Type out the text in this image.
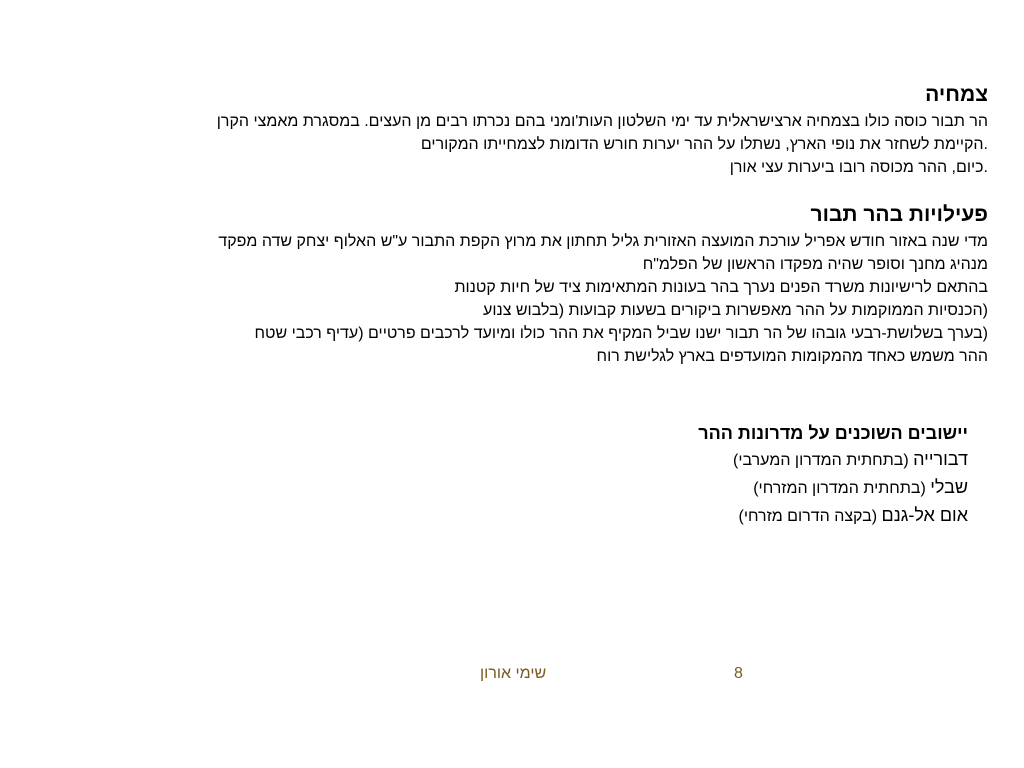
צמחיה

הר תבור כוסה כולו בצמחיה ארצישראלית עד ימי השלטון העות'ומני בהם נכרתו רבים מן העצים. במסגרת מאמצי הקרן

.הקיימת לשחזר את נופי הארץ, נשתלו על ההר יערות חורש הדומות לצמחייתו המקורים

.כיום, ההר מכוסה רובו ביערות עצי אורן

פעילויות בהר תבור

מדי שנה באזור חודש אפריל עורכת המועצה האזורית גליל תחתון את מרוץ הקפת התבור ע"ש האלוף יצחק שדה מפקד

מנהיג מחנך וסופר שהיה מפקדו הראשון של הפלמ"ח

בהתאם לרישיונות משרד הפנים נערך בהר בעונות המתאימות ציד של חיות קטנות

(הכנסיות הממוקמות על ההר מאפשרות ביקורים בשעות קבועות (בלבוש צנוע

(בערך בשלושת-רבעי גובהו של הר תבור ישנו שביל המקיף את ההר כולו ומיועד לרכבים פרטיים (עדיף רכבי שטח

ההר משמש כאחד מהמקומות המועדפים בארץ לגלישת רוח

יישובים השוכנים על מדרונות ההר

דבורייה (בתחתית המדרון המערבי)

שבלי (בתחתית המדרון המזרחי)

אום אל-גנם (בקצה הדרום מזרחי)

שימי אורון	8
